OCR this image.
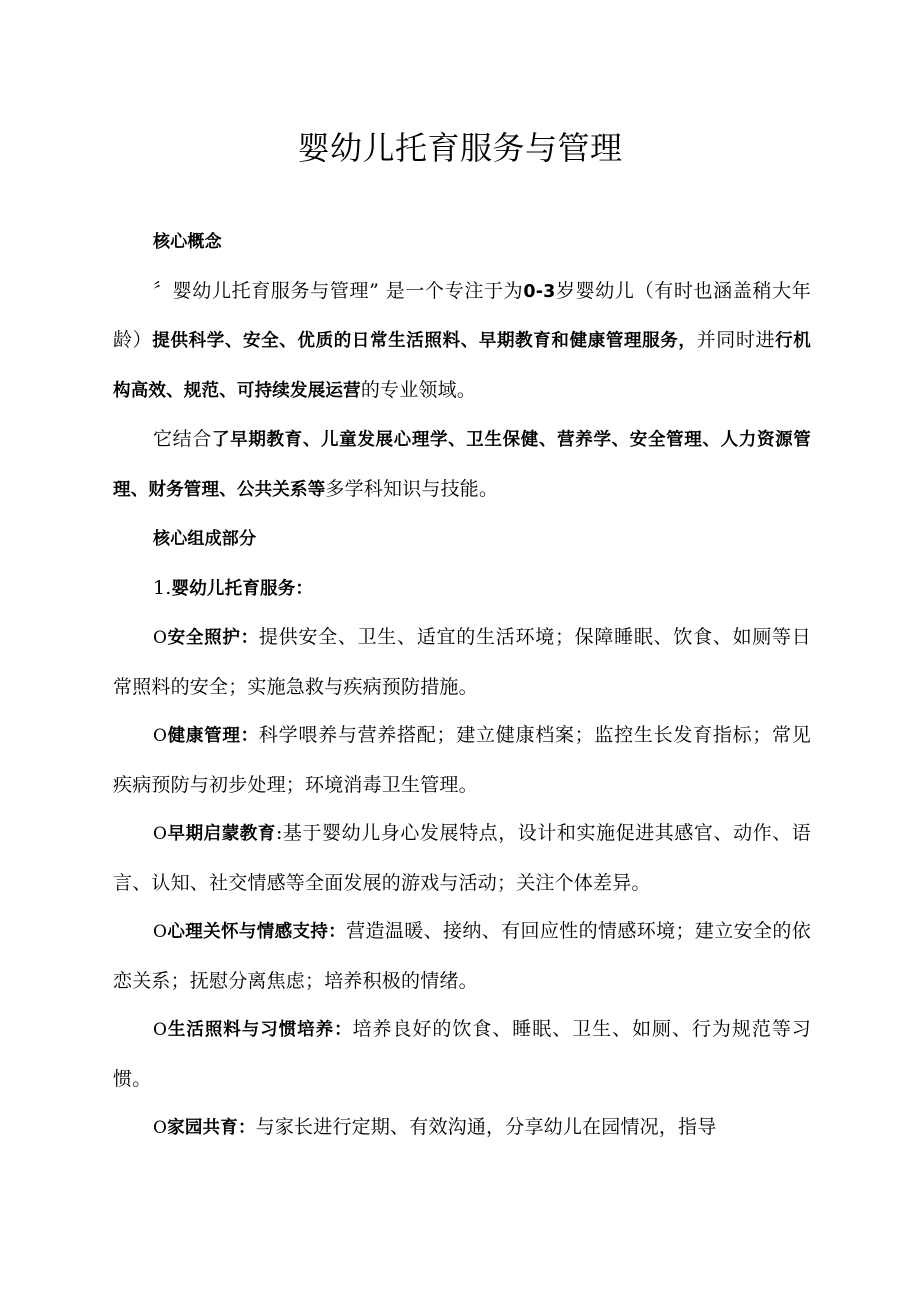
婴幼儿托育服务与管理

核心概念

〞婴幼儿托育服务与管理” 是一个专注于为0-3岁婴幼儿（有时也涵盖稍大年龄）提供科学、安全、优质的日常生活照料、早期教育和健康管理服务，并同时进行机构高效、规范、可持续发展运营的专业领域。

它结合了早期教育、儿童发展心理学、卫生保健、营养学、安全管理、人力资源管理、财务管理、公共关系等多学科知识与技能。

核心组成部分

1.婴幼儿托育服务：

O安全照护：提供安全、卫生、适宜的生活环境；保障睡眠、饮食、如厕等日常照料的安全；实施急救与疾病预防措施。

O健康管理：科学喂养与营养搭配；建立健康档案；监控生长发育指标；常见疾病预防与初步处理；环境消毒卫生管理。

O早期启蒙教育:基于婴幼儿身心发展特点，设计和实施促进其感官、动作、语言、认知、社交情感等全面发展的游戏与活动；关注个体差异。

O心理关怀与情感支持：营造温暖、接纳、有回应性的情感环境；建立安全的依恋关系；抚慰分离焦虑；培养积极的情绪。

O生活照料与习惯培养：培养良好的饮食、睡眠、卫生、如厕、行为规范等习惯。

O家园共育：与家长进行定期、有效沟通，分享幼儿在园情况，指导
